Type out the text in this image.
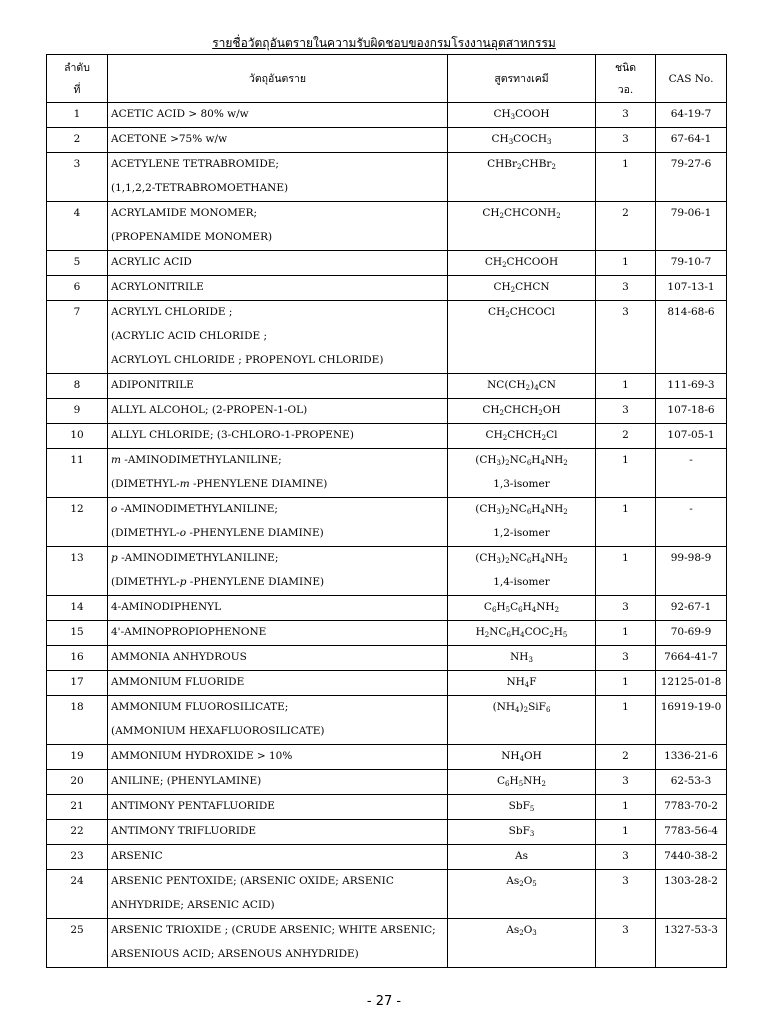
รายชื่อวัตถุอันตรายในความรับผิดชอบของกรมโรงงานอุตสาหกรรม
ลำดับ
ที่	วัตถุอันตราย	สูตรทางเคมี	ชนิด
วอ.	CAS No.

1	ACETIC ACID > 80% w/w	$CH_3COOH$	3	64-19-7

2	ACETONE >75% w/w	$CH_3COCH_3$	3	67-64-1

3	ACETYLENE TETRABROMIDE;
(1,1,2,2-TETRABROMOETHANE)	CHBr$_2$CHBr$_2$	1	79-27-6

4	ACRYLAMIDE MONOMER;
(PROPENAMIDE MONOMER)	$CH_2CHCONH_2$	2	79-06-1

5	ACRYLIC ACID	$CH_2CHCOOH$	1	79-10-7

6	ACRYLONITRILE	$CH_2CHCN$	3	107-13-1

7	ACRYLYL CHLORIDE ;
(ACRYLIC ACID CHLORIDE ;
ACRYLOYL CHLORIDE ; PROPENOYL CHLORIDE)	$CH_2CHCOCl$	3	814-68-6

8	ADIPONITRILE	$NC(CH_2)_4CN$	1	111-69-3

9	ALLYL ALCOHOL; (2-PROPEN-1-OL)	$CH_2CHCH_2OH$	3	107-18-6

10	ALLYL CHLORIDE; (3-CHLORO-1-PROPENE)	$CH_2CHCH_2Cl$	2	107-05-1

11	m -AMINODIMETHYLANILINE;
(DIMETHYL-m -PHENYLENE DIAMINE)	$(CH_3)_2NC_6H_4NH_2$
1,3-isomer	1	-

12	o -AMINODIMETHYLANILINE;
(DIMETHYL-o -PHENYLENE DIAMINE)	$(CH_3)_2NC_6H_4NH_2$
1,2-isomer	1	-

13	p -AMINODIMETHYLANILINE;
(DIMETHYL-p -PHENYLENE DIAMINE)	$(CH_3)_2NC_6H_4NH_2$
1,4-isomer	1	99-98-9

14	4-AMINODIPHENYL	$C_6H_5C_6H_4NH_2$	3	92-67-1

15	4'-AMINOPROPIOPHENONE	$H_2NC_6H_4COC_2H_5$	1	70-69-9

16	AMMONIA ANHYDROUS	$NH_3$	3	7664-41-7

17	AMMONIUM FLUORIDE	$NH_4F$	1	12125-01-8

18	AMMONIUM FLUOROSILICATE;
(AMMONIUM HEXAFLUOROSILICATE)	$(NH_4)_2SiF_6$	1	16919-19-0

19	AMMONIUM HYDROXIDE > 10%	$NH_4OH$	2	1336-21-6

20	ANILINE; (PHENYLAMINE)	$C_6H_5NH_2$	3	62-53-3

21	ANTIMONY PENTAFLUORIDE	SbF$_5$	1	7783-70-2

22	ANTIMONY TRIFLUORIDE	SbF$_3$	1	7783-56-4

23	ARSENIC	As	3	7440-38-2

24	ARSENIC PENTOXIDE; (ARSENIC OXIDE; ARSENIC
ANHYDRIDE; ARSENIC ACID)	$As_2O_5$	3	1303-28-2

25	ARSENIC TRIOXIDE ; (CRUDE ARSENIC; WHITE ARSENIC;
ARSENIOUS ACID; ARSENOUS ANHYDRIDE)	$As_2O_3$	3	1327-53-3
- 27 -
